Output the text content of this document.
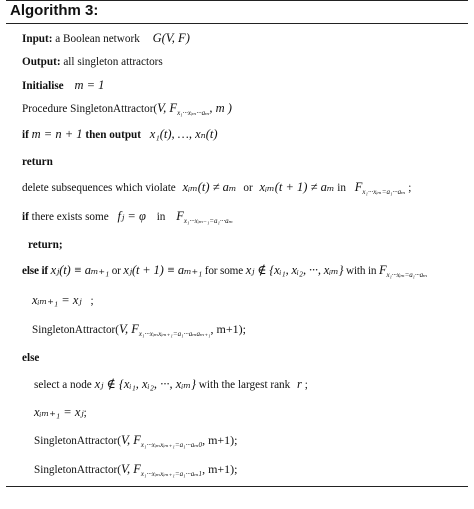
Algorithm 3:
Input: a Boolean network G(V, F)
Output: all singleton attractors
Initialise m = 1
Procedure SingletonAttractor(V, $F_{x_1\cdot\cdot\cdot xᵢ_m\cdot\cdot\cdot a_m}$, m )
if m = n + 1 then output x₁(t), …, xₙ(t)
return
delete subsequences which violate xᵢₘ(t) ≠ aₘ or xᵢₘ(t + 1) ≠ aₘ in $F_{x_1\cdot\cdot\cdot xᵢ_m=a_1\cdot\cdot\cdot a_m}$ ;
if there exists some fⱼ = φ in $F_{x_1\cdot\cdot\cdot xᵢ_{m-1}=a_1\cdot\cdot\cdot a_m}$
return;
else if xⱼ(t) ≡ aₘ₊₁ or xⱼ(t + 1) ≡ aₘ₊₁ for some xⱼ ∉ {xᵢ₁, xᵢ₂, ···, xᵢₘ} with in $F_{x_1\cdot\cdot\cdot xᵢ_m=a_1\cdot\cdot\cdot a_m}$
xᵢₘ₊₁ = xⱼ ;
SingletonAttractor(V, $F_{x_1\cdot\cdot\cdot xᵢ_mxᵢ_{m+1}=a_1\cdot\cdot\cdot a_ma_{m+1}}$, m+1);
else
select a node xⱼ ∉ {xᵢ₁, xᵢ₂, ···, xᵢₘ} with the largest rank r ;
xᵢₘ₊₁ = xⱼ;
SingletonAttractor(V, $F_{x_1\cdot\cdot\cdot xᵢ_mxᵢ_{m+1}=a_1\cdot\cdot\cdot a_m0}$, m+1);
SingletonAttractor(V, $F_{x_1\cdot\cdot\cdot xᵢ_mxᵢ_{m+1}=a_1\cdot\cdot\cdot a_m1}$, m+1);
